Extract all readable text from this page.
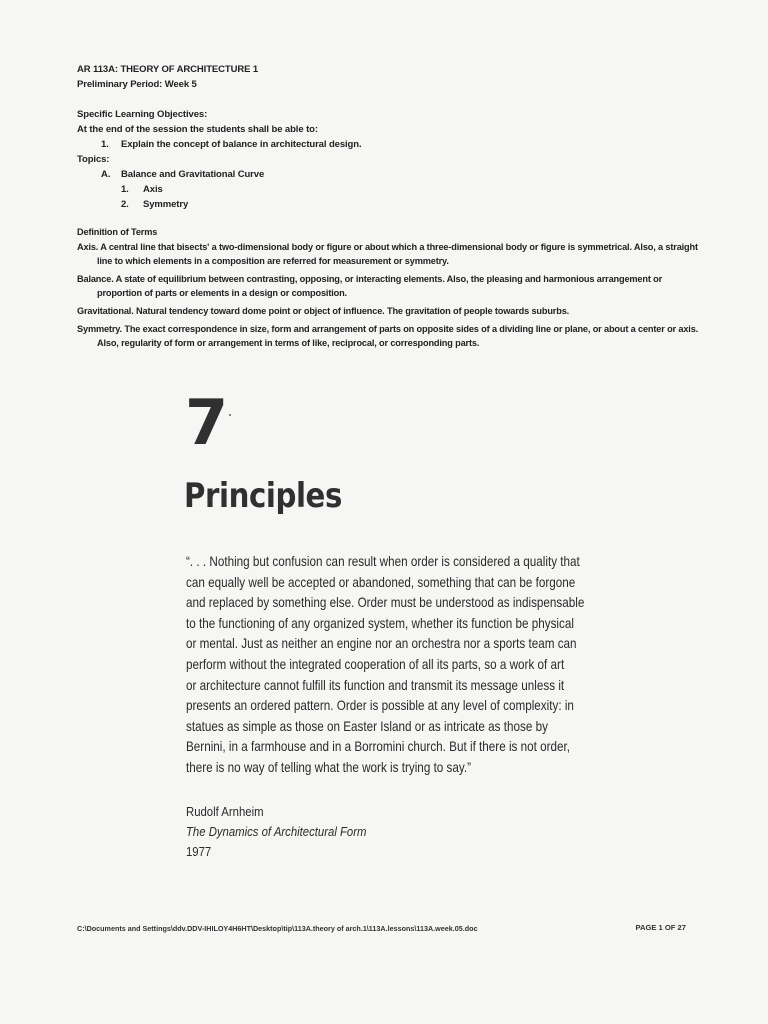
AR 113A: THEORY OF ARCHITECTURE 1
Preliminary Period: Week 5
Specific Learning Objectives:
At the end of the session the students shall be able to:
1. Explain the concept of balance in architectural design.
Topics:
A. Balance and Gravitational Curve
1. Axis
2. Symmetry
Definition of Terms
Axis. A central line that bisects' a two-dimensional body or figure or about which a three-dimensional body or figure is symmetrical. Also, a straight line to which elements in a composition are referred for measurement or symmetry.
Balance. A state of equilibrium between contrasting, opposing, or interacting elements. Also, the pleasing and harmonious arrangement or proportion of parts or elements in a design or composition.
Gravitational. Natural tendency toward dome point or object of influence. The gravitation of people towards suburbs.
Symmetry. The exact correspondence in size, form and arrangement of parts on opposite sides of a dividing line or plane, or about a center or axis. Also, regularity of form or arrangement in terms of like, reciprocal, or corresponding parts.
7
Principles
“. . . Nothing but confusion can result when order is considered a quality that
can equally well be accepted or abandoned, something that can be forgone
and replaced by something else. Order must be understood as indispensable
to the functioning of any organized system, whether its function be physical
or mental. Just as neither an engine nor an orchestra nor a sports team can
perform without the integrated cooperation of all its parts, so a work of art
or architecture cannot fulfill its function and transmit its message unless it
presents an ordered pattern. Order is possible at any level of complexity: in
statues as simple as those on Easter Island or as intricate as those by
Bernini, in a farmhouse and in a Borromini church. But if there is not order,
there is no way of telling what the work is trying to say.”
Rudolf Arnheim
The Dynamics of Architectural Form
1977
C:\Documents and Settings\ddv.DDV-IHILOY4H6HT\Desktop\tip\113A.theory of arch.1\113A.lessons\113A.week.05.doc	PAGE 1 OF 27
